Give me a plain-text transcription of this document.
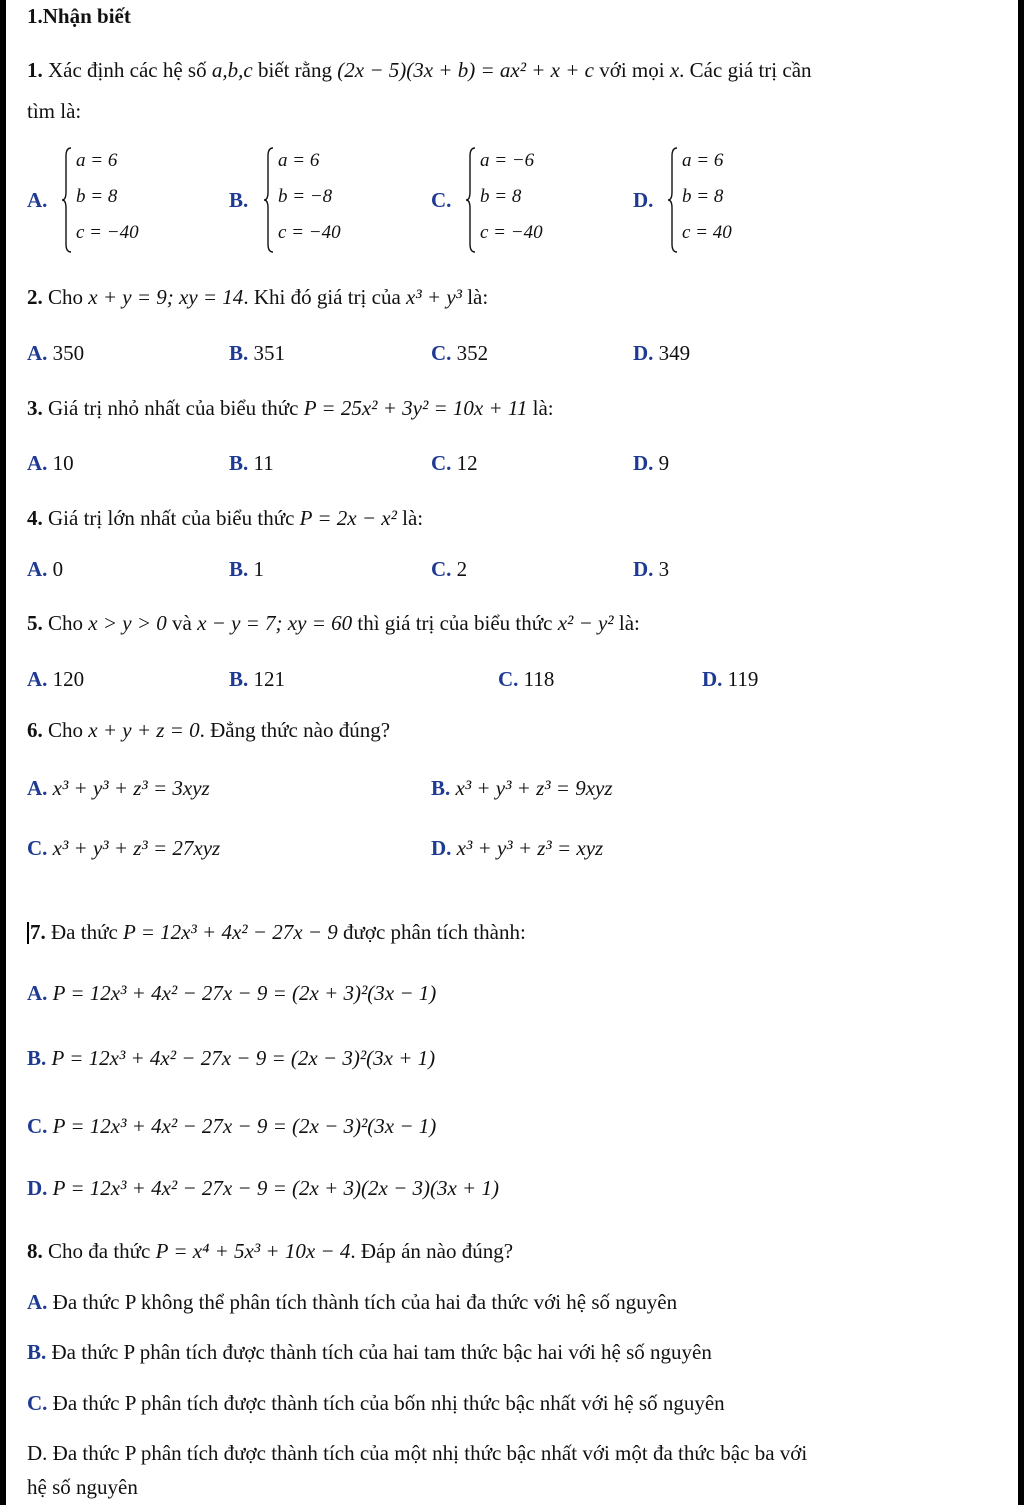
1.Nhận biết
1. Xác định các hệ số a,b,c biết rằng (2x − 5)(3x + b) = ax² + x + c với mọi x. Các giá trị cần
tìm là:
A.
a = 6
b = 8
c = −40
B.
a = 6
b = −8
c = −40
C.
a = −6
b = 8
c = −40
D.
a = 6
b = 8
c = 40
2. Cho x + y = 9; xy = 14. Khi đó giá trị của x³ + y³ là:
A. 350	B. 351	C. 352	D. 349
3. Giá trị nhỏ nhất của biểu thức P = 25x² + 3y² = 10x + 11 là:
A. 10	B. 11	C. 12	D. 9
4. Giá trị lớn nhất của biểu thức P = 2x − x² là:
A. 0	B. 1	C. 2	D. 3
5. Cho x > y > 0 và x − y = 7; xy = 60 thì giá trị của biểu thức x² − y² là:
A. 120	B. 121	C. 118	D. 119
6. Cho x + y + z = 0. Đẳng thức nào đúng?
A. x³ + y³ + z³ = 3xyz	B. x³ + y³ + z³ = 9xyz
C. x³ + y³ + z³ = 27xyz	D. x³ + y³ + z³ = xyz
7. Đa thức P = 12x³ + 4x² − 27x − 9 được phân tích thành:
A. P = 12x³ + 4x² − 27x − 9 = (2x + 3)²(3x − 1)
B. P = 12x³ + 4x² − 27x − 9 = (2x − 3)²(3x + 1)
C. P = 12x³ + 4x² − 27x − 9 = (2x − 3)²(3x − 1)
D. P = 12x³ + 4x² − 27x − 9 = (2x + 3)(2x − 3)(3x + 1)
8. Cho đa thức P = x⁴ + 5x³ + 10x − 4. Đáp án nào đúng?
A. Đa thức P không thể phân tích thành tích của hai đa thức với hệ số nguyên
B. Đa thức P phân tích được thành tích của hai tam thức bậc hai với hệ số nguyên
C. Đa thức P phân tích được thành tích của bốn nhị thức bậc nhất với hệ số nguyên
D. Đa thức P phân tích được thành tích của một nhị thức bậc nhất với một đa thức bậc ba với
hệ số nguyên
